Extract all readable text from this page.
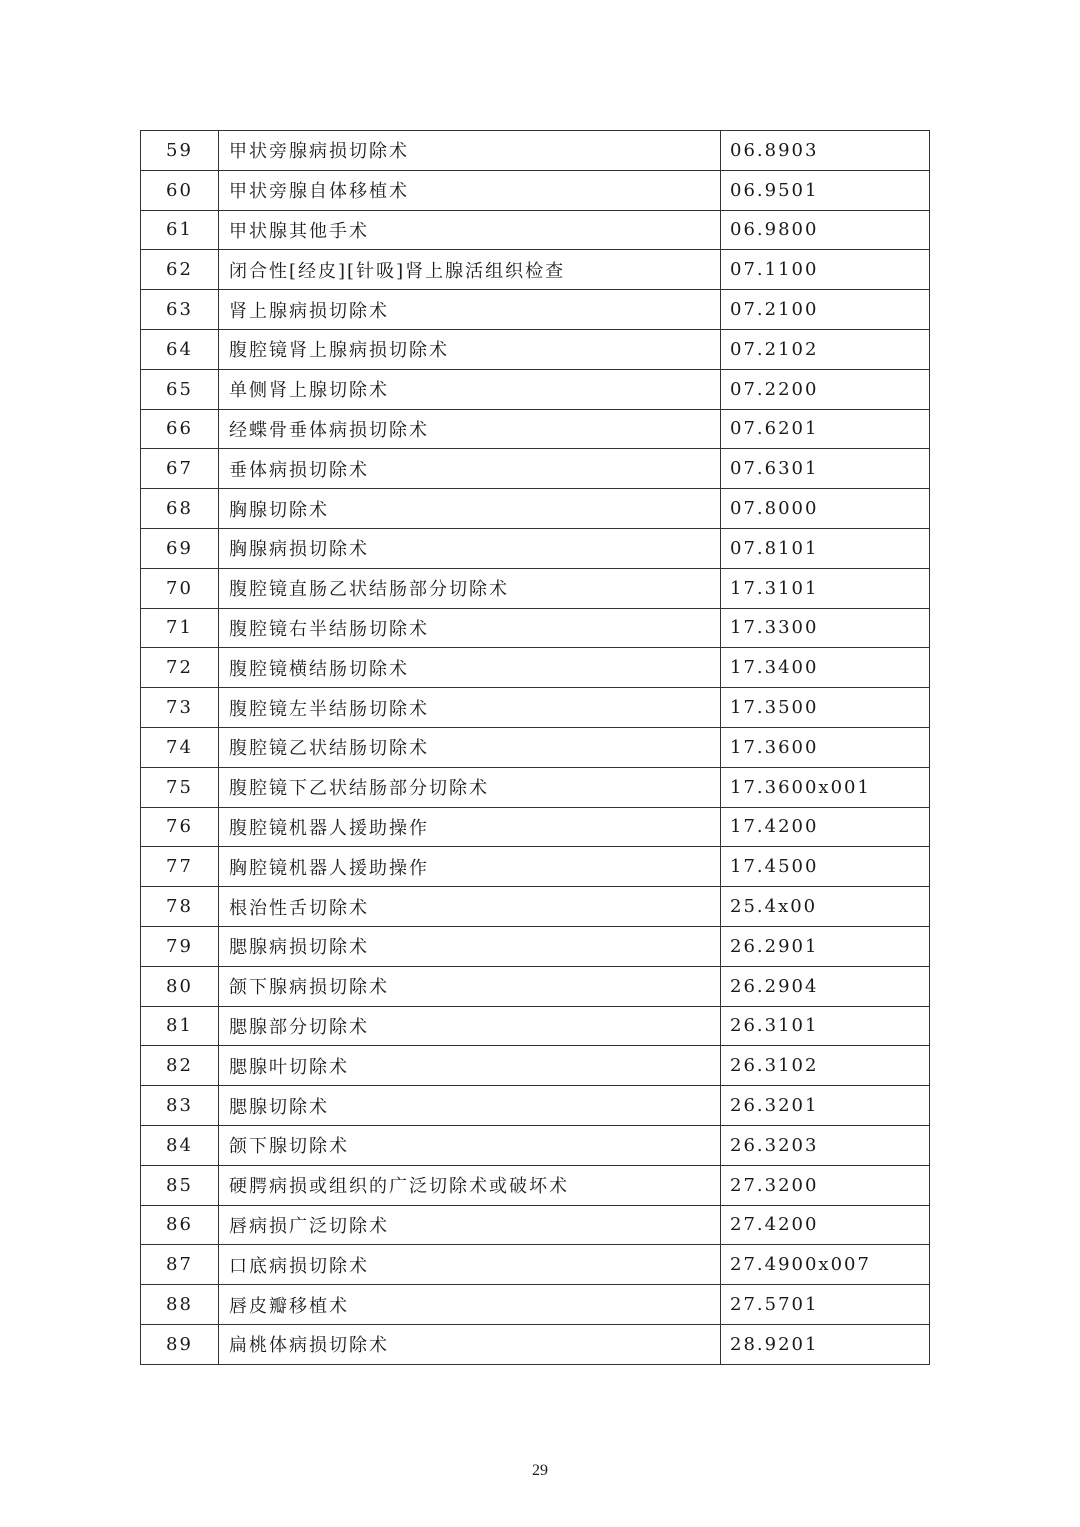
59	甲状旁腺病损切除术	06.8903
60	甲状旁腺自体移植术	06.9501
61	甲状腺其他手术	06.9800
62	闭合性[经皮][针吸]肾上腺活组织检查	07.1100
63	肾上腺病损切除术	07.2100
64	腹腔镜肾上腺病损切除术	07.2102
65	单侧肾上腺切除术	07.2200
66	经蝶骨垂体病损切除术	07.6201
67	垂体病损切除术	07.6301
68	胸腺切除术	07.8000
69	胸腺病损切除术	07.8101
70	腹腔镜直肠乙状结肠部分切除术	17.3101
71	腹腔镜右半结肠切除术	17.3300
72	腹腔镜横结肠切除术	17.3400
73	腹腔镜左半结肠切除术	17.3500
74	腹腔镜乙状结肠切除术	17.3600
75	腹腔镜下乙状结肠部分切除术	17.3600x001
76	腹腔镜机器人援助操作	17.4200
77	胸腔镜机器人援助操作	17.4500
78	根治性舌切除术	25.4x00
79	腮腺病损切除术	26.2901
80	颌下腺病损切除术	26.2904
81	腮腺部分切除术	26.3101
82	腮腺叶切除术	26.3102
83	腮腺切除术	26.3201
84	颌下腺切除术	26.3203
85	硬腭病损或组织的广泛切除术或破坏术	27.3200
86	唇病损广泛切除术	27.4200
87	口底病损切除术	27.4900x007
88	唇皮瓣移植术	27.5701
89	扁桃体病损切除术	28.9201
29
